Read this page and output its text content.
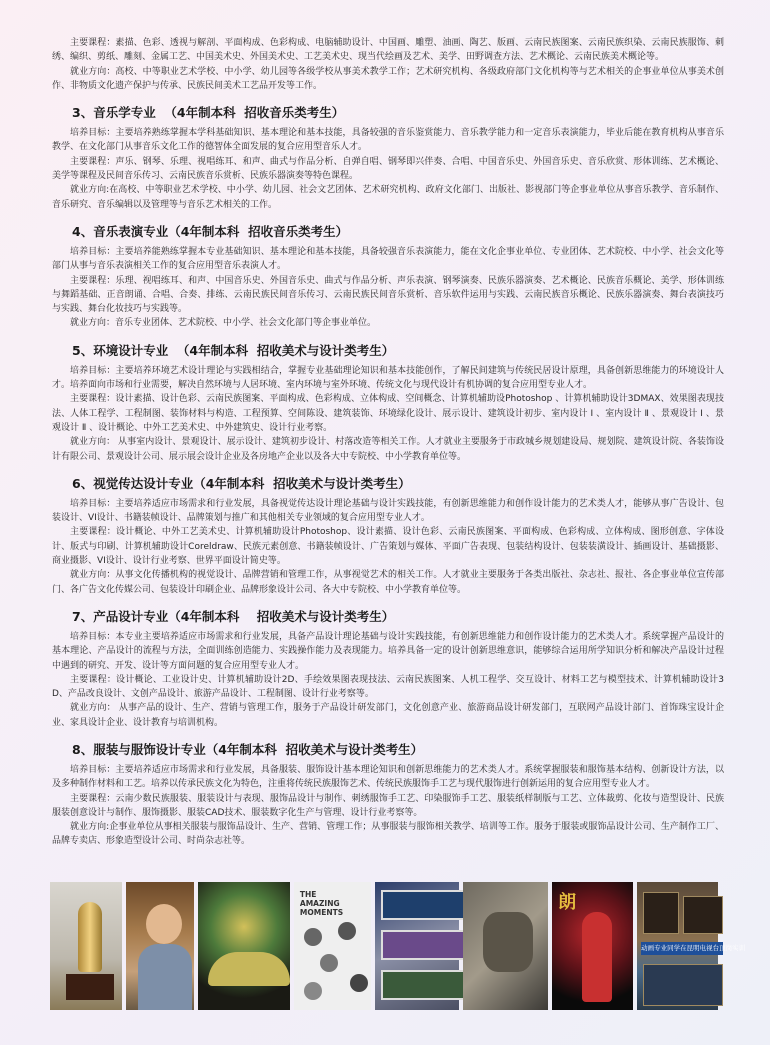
主要课程：素描、色彩、透视与解剖、平面构成、色彩构成、电脑辅助设计、中国画、雕塑、油画、陶艺、版画、云南民族图案、云南民族织染、云南民族服饰、刺绣、编织、剪纸、雕刻、金属工艺、中国美术史、外国美术史、工艺美术史、现当代绘画及艺术、美学、田野调查方法、艺术概论、云南民族美术概论等。

就业方向：高校、中等职业艺术学校、中小学、幼儿园等各级学校从事美术教学工作；艺术研究机构、各级政府部门文化机构等与艺术相关的企事业单位从事美术创作、非物质文化遗产保护与传承、民族民间美术工艺品开发等工作。

3、音乐学专业  （4年制本科  招收音乐类考生）

培养目标：主要培养熟练掌握本学科基础知识、基本理论和基本技能，具备较强的音乐鉴赏能力、音乐教学能力和一定音乐表演能力，毕业后能在教育机构从事音乐教学、在文化部门从事音乐文化工作的德智体全面发展的复合应用型音乐人才。

主要课程：声乐、钢琴、乐理、视唱练耳、和声、曲式与作品分析、自弹自唱、钢琴即兴伴奏、合唱、中国音乐史、外国音乐史、音乐欣赏、形体训练、艺术概论、美学等课程及民间音乐传习、云南民族音乐赏析、民族乐器演奏等特色课程。

就业方向:在高校、中等职业艺术学校、中小学、幼儿园、社会文艺团体、艺术研究机构、政府文化部门、出版社、影视部门等企事业单位从事音乐教学、音乐制作、音乐研究、音乐编辑以及管理等与音乐艺术相关的工作。

4、音乐表演专业（4年制本科  招收音乐类考生）

培养目标：主要培养能熟练掌握本专业基础知识、基本理论和基本技能，具备较强音乐表演能力，能在文化企事业单位、专业团体、艺术院校、中小学、社会文化等部门从事与音乐表演相关工作的复合应用型音乐表演人才。

主要课程：乐理、视唱练耳、和声、中国音乐史、外国音乐史、曲式与作品分析、声乐表演、钢琴演奏、民族乐器演奏、艺术概论、民族音乐概论、美学、形体训练与舞蹈基础、正音朗诵、合唱、合奏、排练、云南民族民间音乐传习、云南民族民间音乐赏析、音乐软件运用与实践、云南民族音乐概论、民族乐器演奏、舞台表演技巧与实践、舞台化妆技巧与实践等。

就业方向：音乐专业团体、艺术院校、中小学、社会文化部门等企事业单位。

5、环境设计专业  （4年制本科  招收美术与设计类考生）

培养目标：主要培养环境艺术设计理论与实践相结合，掌握专业基础理论知识和基本技能创作，了解民间建筑与传统民居设计原理，具备创新思维能力的环境设计人才。培养面向市场和行业需要，解决自然环境与人居环境、室内环境与室外环境、传统文化与现代设计有机协调的复合应用型专业人才。

主要课程：设计素描、设计色彩、云南民族图案、平面构成、色彩构成、立体构成、空间概念、计算机辅助设Photoshop 、计算机辅助设计3DMAX、效果图表现技法、人体工程学、工程制图、装饰材料与构造、工程预算、空间陈设、建筑装饰、环境绿化设计、展示设计、建筑设计初步、室内设计 Ⅰ 、室内设计 Ⅱ 、景观设计 Ⅰ 、景观设计 Ⅱ 、设计概论、中外工艺美术史、中外建筑史、设计行业考察。

就业方向： 从事室内设计、景观设计、展示设计、建筑初步设计、村落改造等相关工作。人才就业主要服务于市政城乡规划建设局、规划院、建筑设计院、各装饰设计有限公司、景观设计公司、展示展会设计企业及各房地产企业以及各大中专院校、中小学教育单位等。

6、视觉传达设计专业（4年制本科  招收美术与设计类考生）

培养目标：主要培养适应市场需求和行业发展，具备视觉传达设计理论基础与设计实践技能，有创新思维能力和创作设计能力的艺术类人才，能够从事广告设计、包装设计、VI设计、书籍装帧设计、品牌策划与推广和其他相关专业领域的复合应用型专业人才。

主要课程：设计概论、中外工艺美术史、计算机辅助设计Photoshop、设计素描、设计色彩、云南民族图案、平面构成、色彩构成、立体构成、图形创意、字体设计、版式与印刷、计算机辅助设计Coreldraw、民族元素创意、书籍装帧设计、广告策划与媒体、平面广告表现、包装结构设计、包装装潢设计、插画设计、基础摄影、商业摄影、VI设计、设计行业考察、世界平面设计简史等。

就业方向：从事文化传播机构的视觉设计、品牌营销和管理工作，从事视觉艺术的相关工作。人才就业主要服务于各类出版社、杂志社、报社、各企事业单位宣传部门、各广告文化传媒公司、包装设计印刷企业、品牌形象设计公司、各大中专院校、中小学教育单位等。

7、产品设计专业（4年制本科    招收美术与设计类考生）

培养目标：本专业主要培养适应市场需求和行业发展，具备产品设计理论基础与设计实践技能，有创新思维能力和创作设计能力的艺术类人才。系统掌握产品设计的基本理论、产品设计的流程与方法，全面训练创造能力、实践操作能力及表现能力。培养具备一定的设计创新思维意识，能够综合运用所学知识分析和解决产品设计过程中遇到的研究、开发、设计等方面问题的复合应用型专业人才。

主要课程：设计概论、工业设计史、计算机辅助设计2D、手绘效果图表现技法、云南民族图案、人机工程学、交互设计、材料工艺与模型技术、计算机辅助设计3D、产品改良设计、文创产品设计、旅游产品设计、工程制图、设计行业考察等。

就业方向： 从事产品的设计、生产、营销与管理工作，服务于产品设计研发部门，文化创意产业、旅游商品设计研发部门，互联网产品设计部门、首饰珠宝设计企业、家具设计企业、设计教育与培训机构。

8、服装与服饰设计专业（4年制本科  招收美术与设计类考生）

培养目标：主要培养适应市场需求和行业发展，具备服装、服饰设计基本理论知识和创新思维能力的艺术类人才。系统掌握服装和服饰基本结构、创新设计方法，以及多种制作材料和工艺。培养以传承民族文化为特色，注重将传统民族服饰艺术、传统民族服饰手工艺与现代服饰进行创新运用的复合应用型专业人才。

主要课程：云南少数民族服装、服装设计与表现、服饰品设计与制作、刺绣服饰手工艺、印染服饰手工艺、服装纸样制版与工艺、立体裁剪、化妆与造型设计、民族服装创意设计与制作、服饰摄影、服装CAD技术、服装数字化生产与管理、设计行业考察等。

就业方向:企事业单位从事相关服装与服饰品设计、生产、营销、管理工作；从事服装与服饰相关教学、培训等工作。服务于服装或服饰品设计公司、生产制作工厂、品牌专卖店、形象造型设计公司、时尚杂志社等。

THE
AMAZING
MOMENTS	朗
动画专业同学在昆明电视台顶岗实训
